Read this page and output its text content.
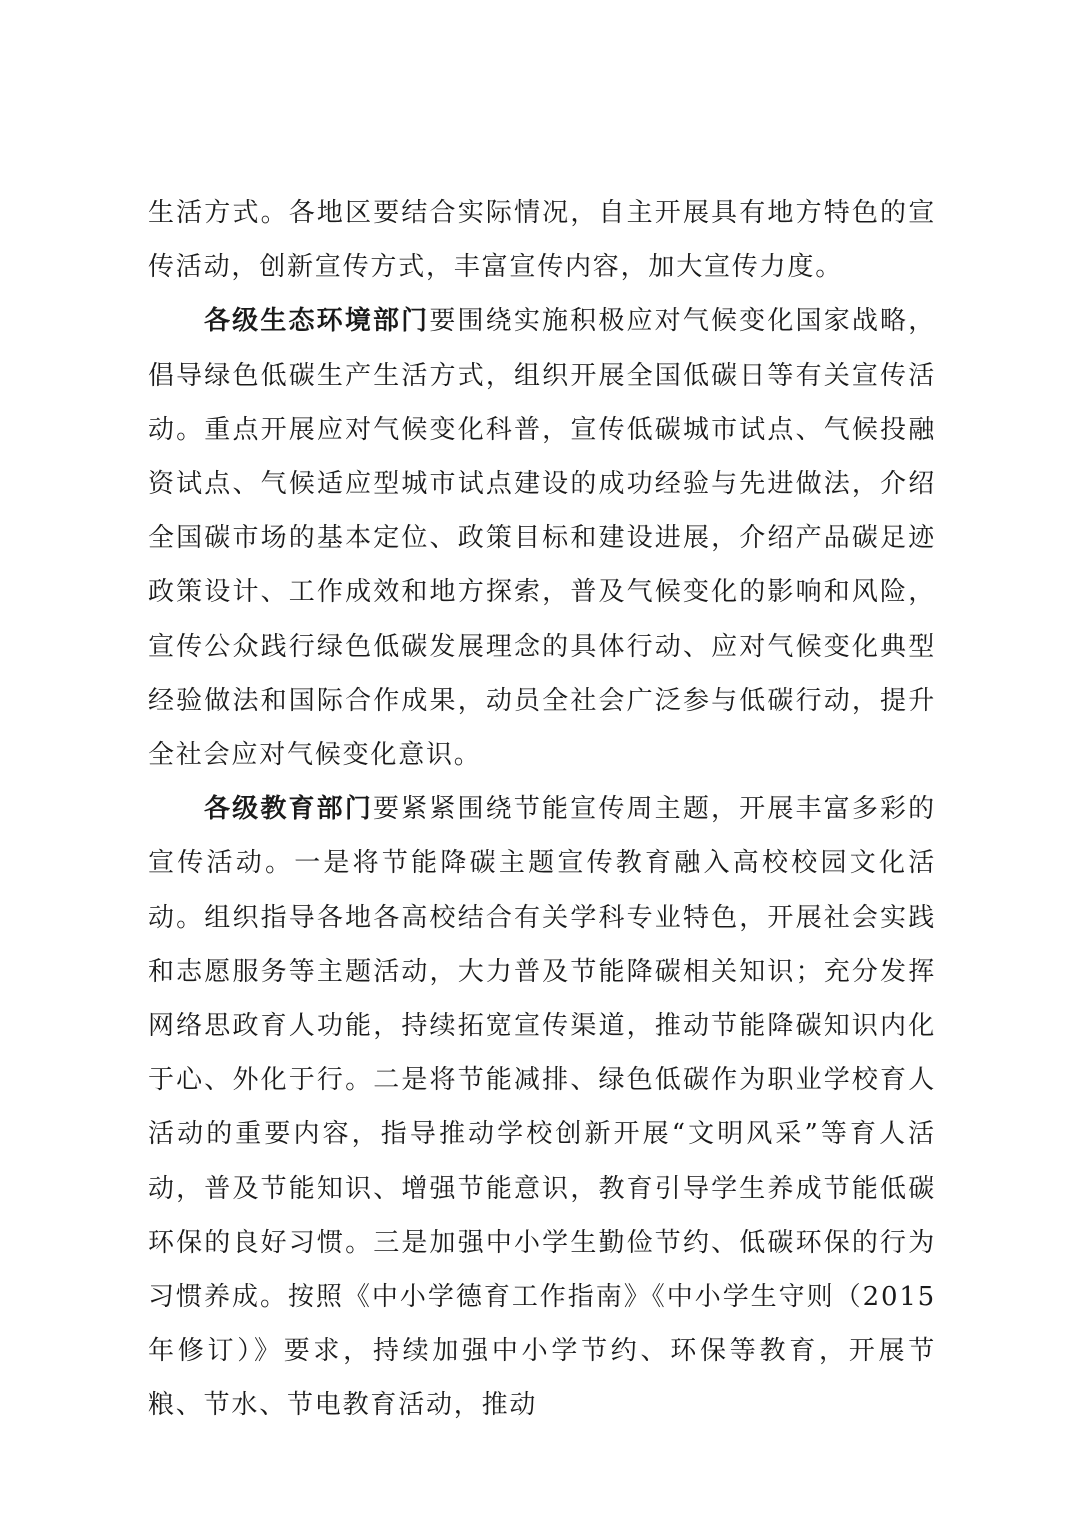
生活方式。各地区要结合实际情况，自主开展具有地方特色的宣传活动，创新宣传方式，丰富宣传内容，加大宣传力度。

各级生态环境部门要围绕实施积极应对气候变化国家战略，倡导绿色低碳生产生活方式，组织开展全国低碳日等有关宣传活动。重点开展应对气候变化科普，宣传低碳城市试点、气候投融资试点、气候适应型城市试点建设的成功经验与先进做法，介绍全国碳市场的基本定位、政策目标和建设进展，介绍产品碳足迹政策设计、工作成效和地方探索，普及气候变化的影响和风险，宣传公众践行绿色低碳发展理念的具体行动、应对气候变化典型经验做法和国际合作成果，动员全社会广泛参与低碳行动，提升全社会应对气候变化意识。

各级教育部门要紧紧围绕节能宣传周主题，开展丰富多彩的宣传活动。一是将节能降碳主题宣传教育融入高校校园文化活动。组织指导各地各高校结合有关学科专业特色，开展社会实践和志愿服务等主题活动，大力普及节能降碳相关知识；充分发挥网络思政育人功能，持续拓宽宣传渠道，推动节能降碳知识内化于心、外化于行。二是将节能减排、绿色低碳作为职业学校育人活动的重要内容，指导推动学校创新开展“文明风采”等育人活动，普及节能知识、增强节能意识，教育引导学生养成节能低碳环保的良好习惯。三是加强中小学生勤俭节约、低碳环保的行为习惯养成。按照《中小学德育工作指南》《中小学生守则（2015年修订）》要求，持续加强中小学节约、环保等教育，开展节粮、节水、节电教育活动，推动
